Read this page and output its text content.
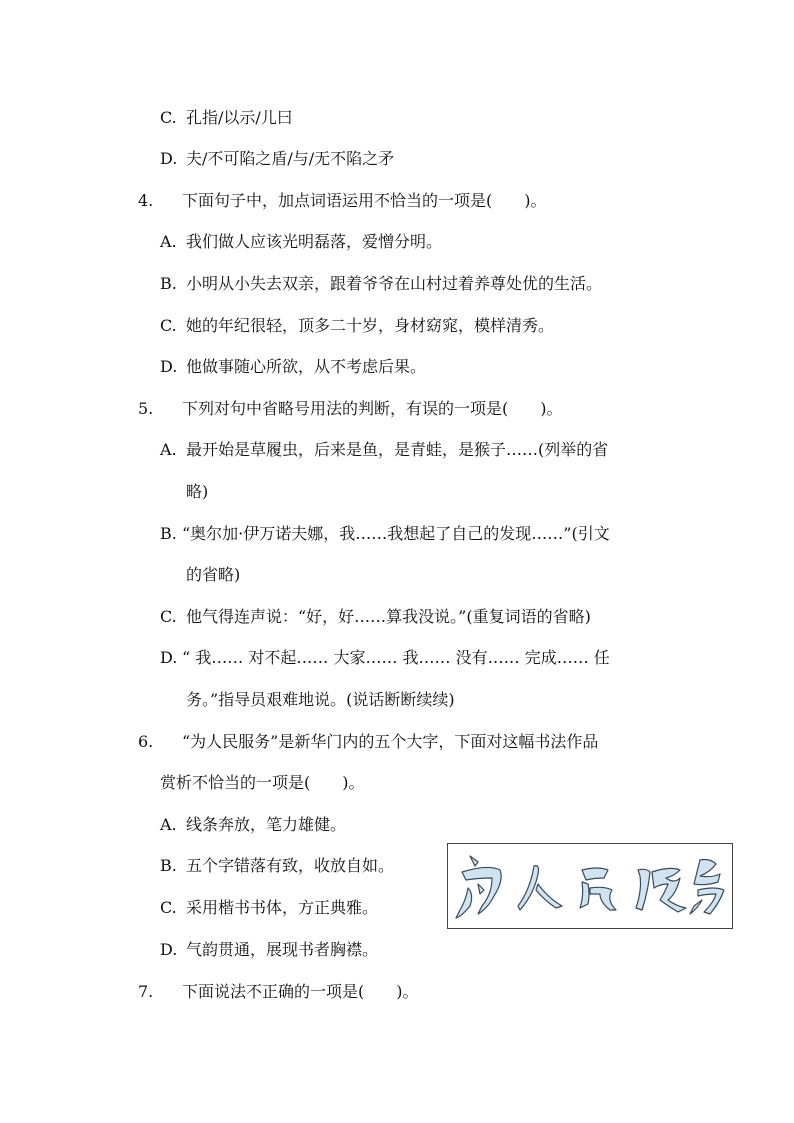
C. 孔指/以示/儿曰
D. 夫/不可陷之盾/与/无不陷之矛
4. 下面句子中，加点词语运用不恰当的一项是(　　)。
A. 我们做人应该光明磊落，爱憎分明。
B. 小明从小失去双亲，跟着爷爷在山村过着养尊处优的生活。
C. 她的年纪很轻，顶多二十岁，身材窈窕，模样清秀。
D. 他做事随心所欲，从不考虑后果。
5. 下列对句中省略号用法的判断，有误的一项是(　　)。
A. 最开始是草履虫，后来是鱼，是青蛙，是猴子……(列举的省
略)
B. “奥尔加·伊万诺夫娜，我……我想起了自己的发现……”(引文
的省略)
C. 他气得连声说：“好，好……算我没说。”(重复词语的省略)
D. “ 我…… 对不起…… 大家…… 我…… 没有…… 完成…… 任
务。”指导员艰难地说。(说话断断续续)
6. “为人民服务”是新华门内的五个大字，下面对这幅书法作品
赏析不恰当的一项是(　　)。
A. 线条奔放，笔力雄健。
B. 五个字错落有致，收放自如。
C. 采用楷书书体，方正典雅。
D. 气韵贯通，展现书者胸襟。
7. 下面说法不正确的一项是(　　)。
